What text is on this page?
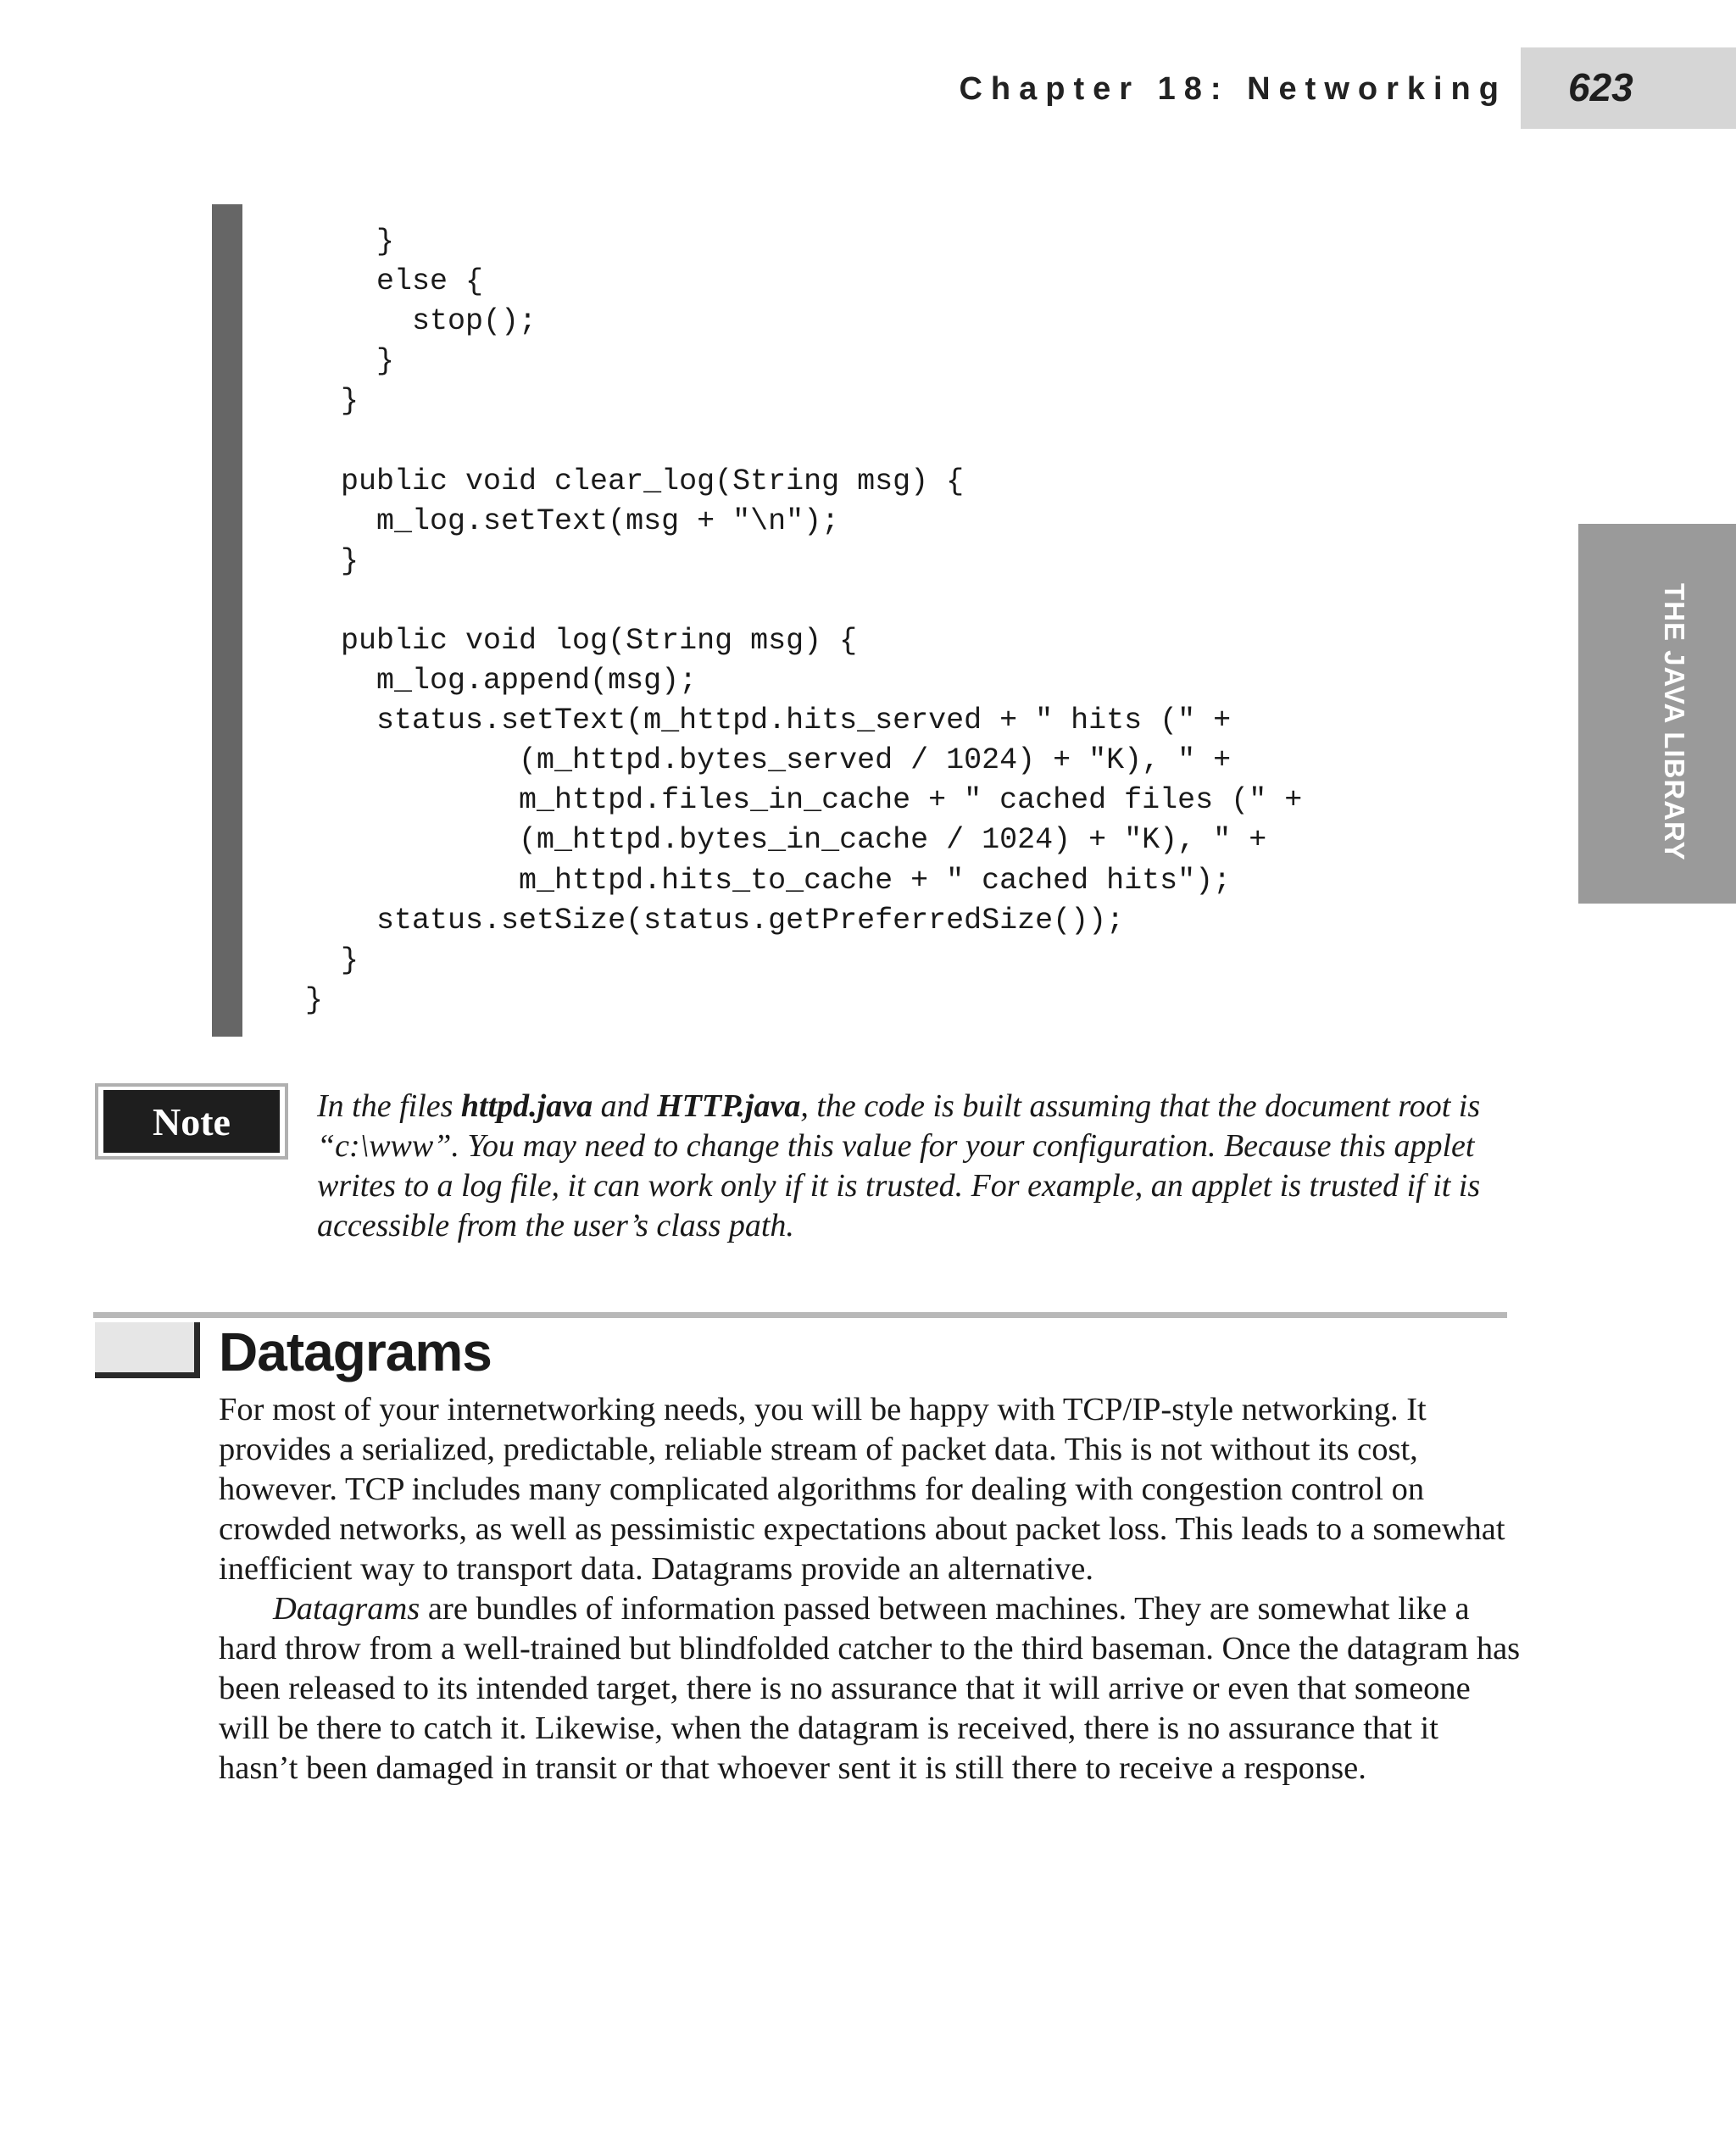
Chapter 18: Networking 623
THE JAVA LIBRARY
}
else {
stop();
}
}

public void clear_log(String msg) {
m_log.setText(msg + "\n");
}

public void log(String msg) {
m_log.append(msg);
status.setText(m_httpd.hits_served + " hits (" +
(m_httpd.bytes_served / 1024) + "K), " +
m_httpd.files_in_cache + " cached files (" +
(m_httpd.bytes_in_cache / 1024) + "K), " +
m_httpd.hits_to_cache + " cached hits");
status.setSize(status.getPreferredSize());
}
}
Note	In the files httpd.java and HTTP.java, the code is built assuming that the document root is “c:\www”. You may need to change this value for your configuration. Because this applet writes to a log file, it can work only if it is trusted. For example, an applet is trusted if it is accessible from the user’s class path.

Datagrams

For most of your internetworking needs, you will be happy with TCP/IP-style networking. It provides a serialized, predictable, reliable stream of packet data. This is not without its cost, however. TCP includes many complicated algorithms for dealing with congestion control on crowded networks, as well as pessimistic expectations about packet loss. This leads to a somewhat inefficient way to transport data. Datagrams provide an alternative.

Datagrams are bundles of information passed between machines. They are somewhat like a hard throw from a well-trained but blindfolded catcher to the third baseman. Once the datagram has been released to its intended target, there is no assurance that it will arrive or even that someone will be there to catch it. Likewise, when the datagram is received, there is no assurance that it hasn’t been damaged in transit or that whoever sent it is still there to receive a response.
